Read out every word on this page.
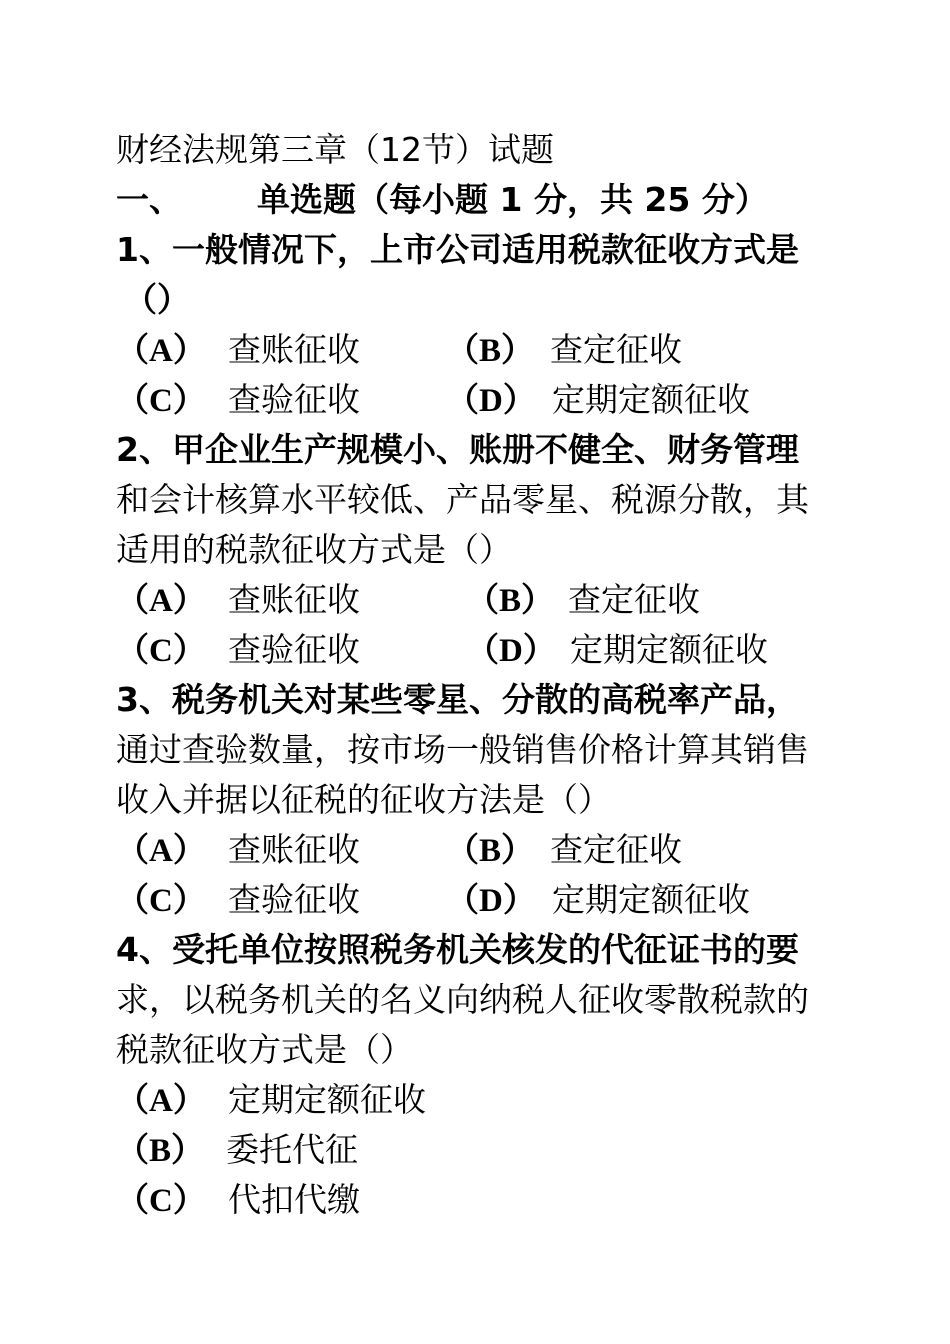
财经法规第三章（12节）试题
一、 单选题（每小题 1 分，共 25 分）
1、一般情况下，上市公司适用税款征收方式是
（）
（A） 查账征收	（B） 查定征收
（C） 查验征收	（D） 定期定额征收
2、甲企业生产规模小、账册不健全、财务管理
和会计核算水平较低、产品零星、税源分散，其
适用的税款征收方式是（）
（A） 查账征收	（B） 查定征收
（C） 查验征收	（D） 定期定额征收
3、税务机关对某些零星、分散的高税率产品，
通过查验数量，按市场一般销售价格计算其销售
收入并据以征税的征收方法是（）
（A） 查账征收	（B） 查定征收
（C） 查验征收	（D） 定期定额征收
4、受托单位按照税务机关核发的代征证书的要
求，以税务机关的名义向纳税人征收零散税款的
税款征收方式是（）
（A） 定期定额征收
（B） 委托代征
（C） 代扣代缴
